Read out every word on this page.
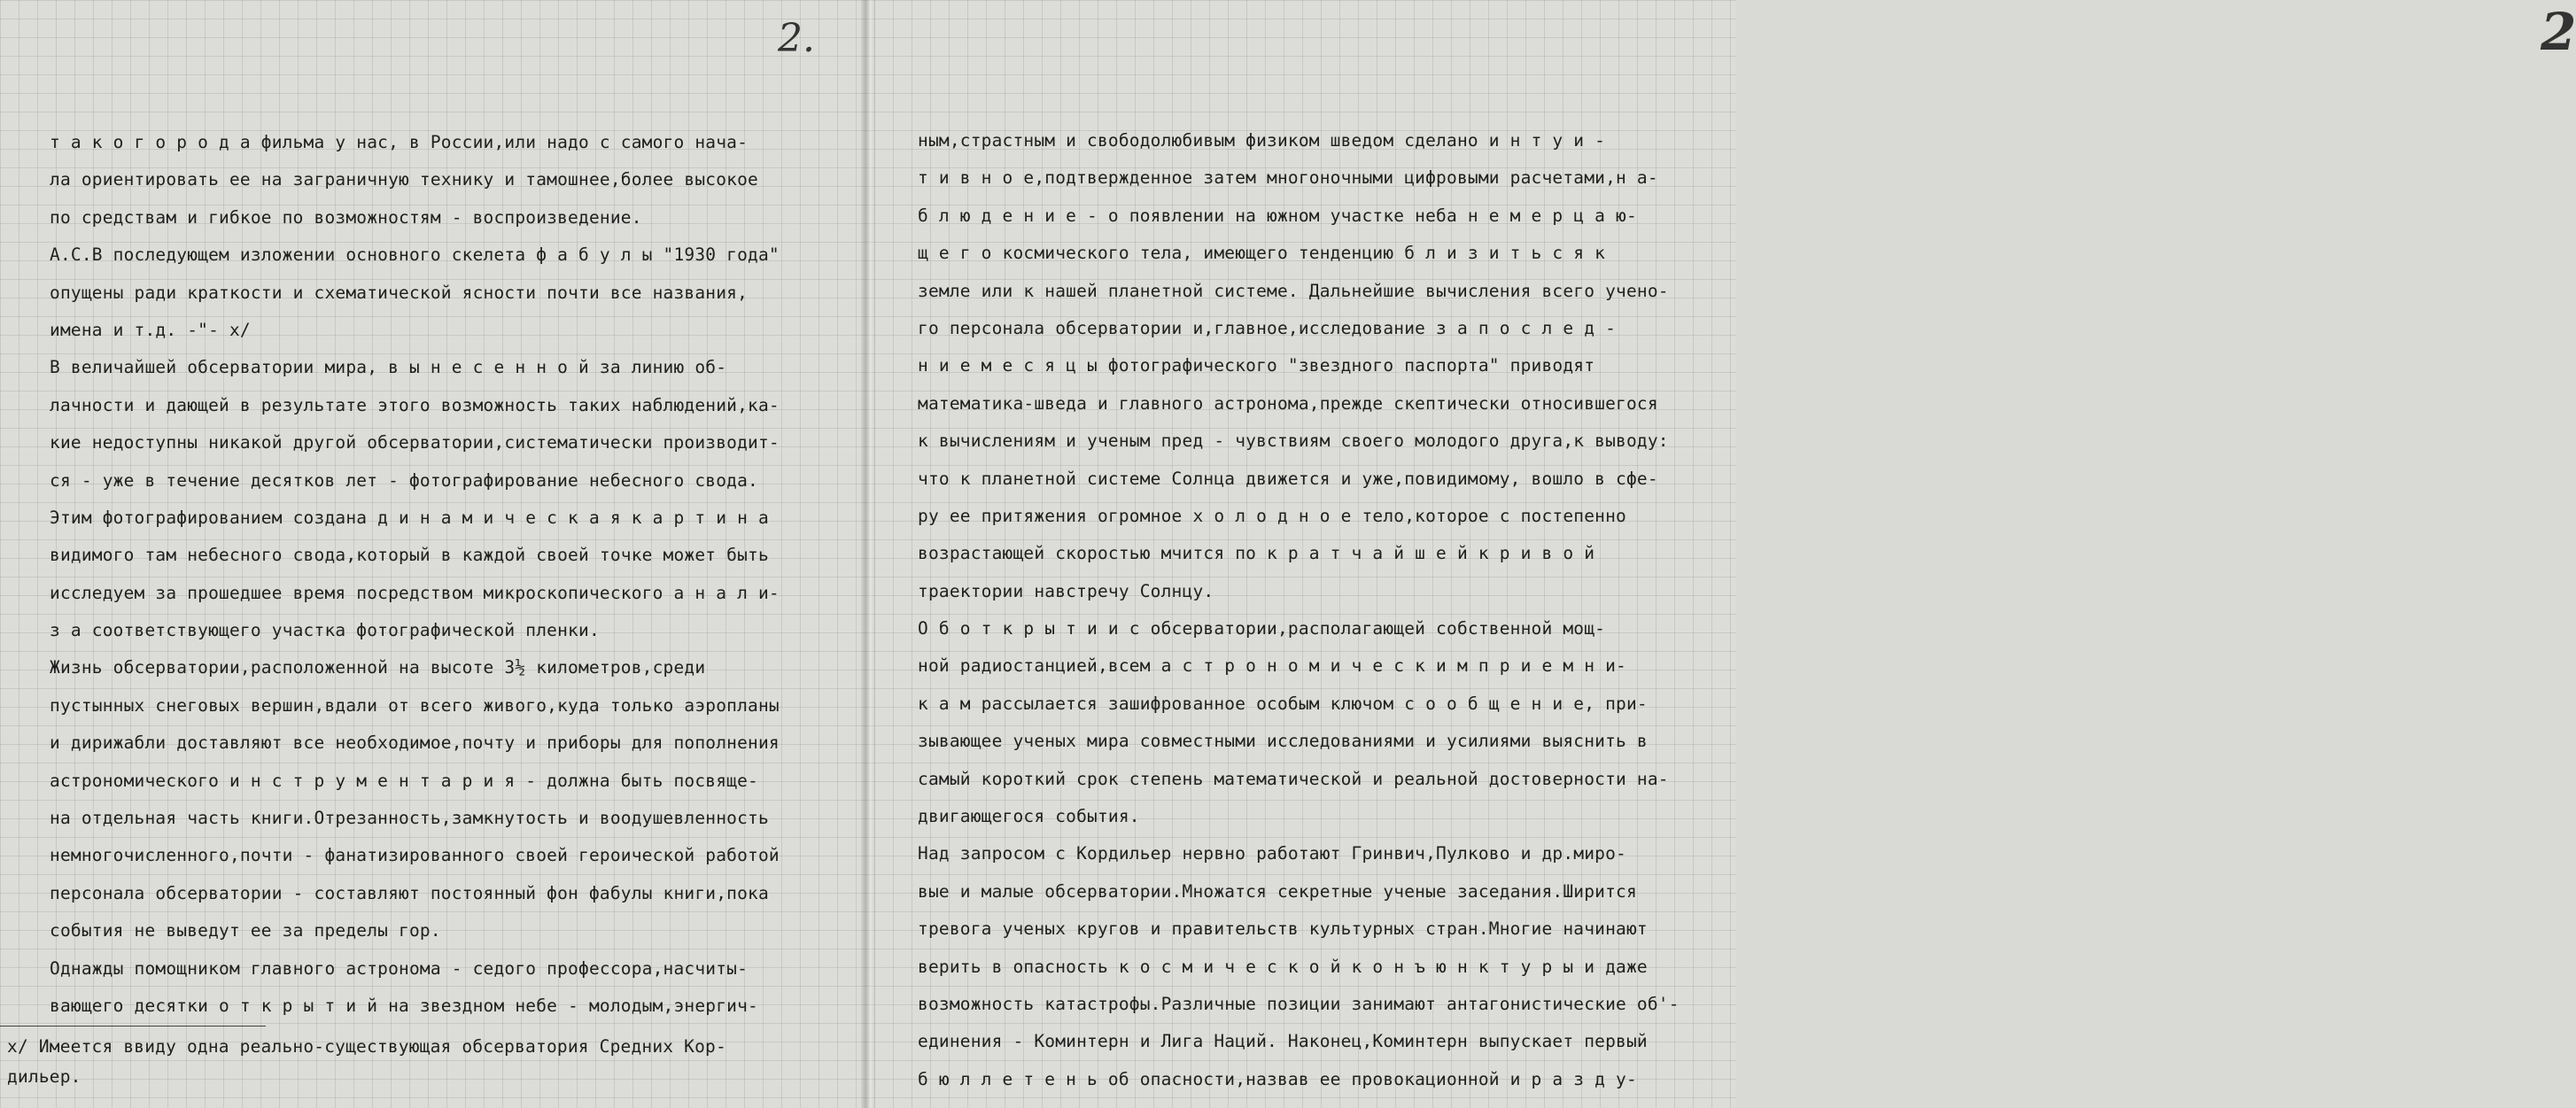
2.
т а к о г о р о д а фильма у нас, в России,или надо с самого нача-
ла ориентировать ее на заграничную технику и тамошнее,более высокое
по средствам и гибкое по возможностям - воспроизведение.
А.С.В последующем изложении основного скелета ф а б у л ы "1930 года"
опущены ради краткости и схематической ясности почти все названия,
имена и т.д. -"- х/
В величайшей обсерватории мира, в ы н е с е н н о й за линию об-
лачности и дающей в результате этого возможность таких наблюдений,ка-
кие недоступны никакой другой обсерватории,систематически производит-
ся - уже в течение десятков лет - фотографирование небесного свода.
Этим фотографированием создана д и н а м и ч е с к а я к а р т и н а
видимого там небесного свода,который в каждой своей точке может быть
исследуем за прошедшее время посредством микроскопического а н а л и-
з а соответствующего участка фотографической пленки.
Жизнь обсерватории,расположенной на высоте 3½ километров,среди
пустынных снеговых вершин,вдали от всего живого,куда только аэропланы
и дирижабли доставляют все необходимое,почту и приборы для пополнения
астрономического и н с т р у м е н т а р и я - должна быть посвяще-
на отдельная часть книги.Отрезанность,замкнутость и воодушевленность
немногочисленного,почти - фанатизированного своей героической работой
персонала обсерватории - составляют постоянный фон фабулы книги,пока
события не выведут ее за пределы гор.
Однажды помощником главного астронома - седого профессора,насчиты-
вающего десятки о т к р ы т и й на звездном небе - молодым,энергич-
х/ Имеется ввиду одна реально-существующая обсерватория Средних Кор-
дильер.
2
ным,страстным и свободолюбивым физиком шведом сделано и н т у и -
т и в н о е,подтвержденное затем многоночными цифровыми расчетами,н а-
б л ю д е н и е - о появлении на южном участке неба н е м е р ц а ю-
щ е г о космического тела, имеющего тенденцию б л и з и т ь с я к
земле или к нашей планетной системе. Дальнейшие вычисления всего учено-
го персонала обсерватории и,главное,исследование з а п о с л е д -
н и е м е с я ц ы фотографического "звездного паспорта" приводят
математика-шведа и главного астронома,прежде скептически относившегося
к вычислениям и ученым пред - чувствиям своего молодого друга,к выводу:
что к планетной системе Солнца движется и уже,повидимому, вошло в сфе-
ру ее притяжения огромное х о л о д н о е тело,которое с постепенно
возрастающей скоростью мчится по к р а т ч а й ш е й к р и в о й
траектории навстречу Солнцу.
О б о т к р ы т и и с обсерватории,располагающей собственной мощ-
ной радиостанцией,всем а с т р о н о м и ч е с к и м п р и е м н и-
к а м рассылается зашифрованное особым ключом с о о б щ е н и е, при-
зывающее ученых мира совместными исследованиями и усилиями выяснить в
самый короткий срок степень математической и реальной достоверности на-
двигающегося события.
Над запросом с Кордильер нервно работают Гринвич,Пулково и др.миро-
вые и малые обсерватории.Множатся секретные ученые заседания.Ширится
тревога ученых кругов и правительств культурных стран.Многие начинают
верить в опасность к о с м и ч е с к о й к о н ъ ю н к т у р ы и даже
возможность катастрофы.Различные позиции занимают антагонистические об'-
единения - Коминтерн и Лига Наций. Наконец,Коминтерн выпускает первый
б ю л л е т е н ь об опасности,назвав ее провокационной и р а з д у-
